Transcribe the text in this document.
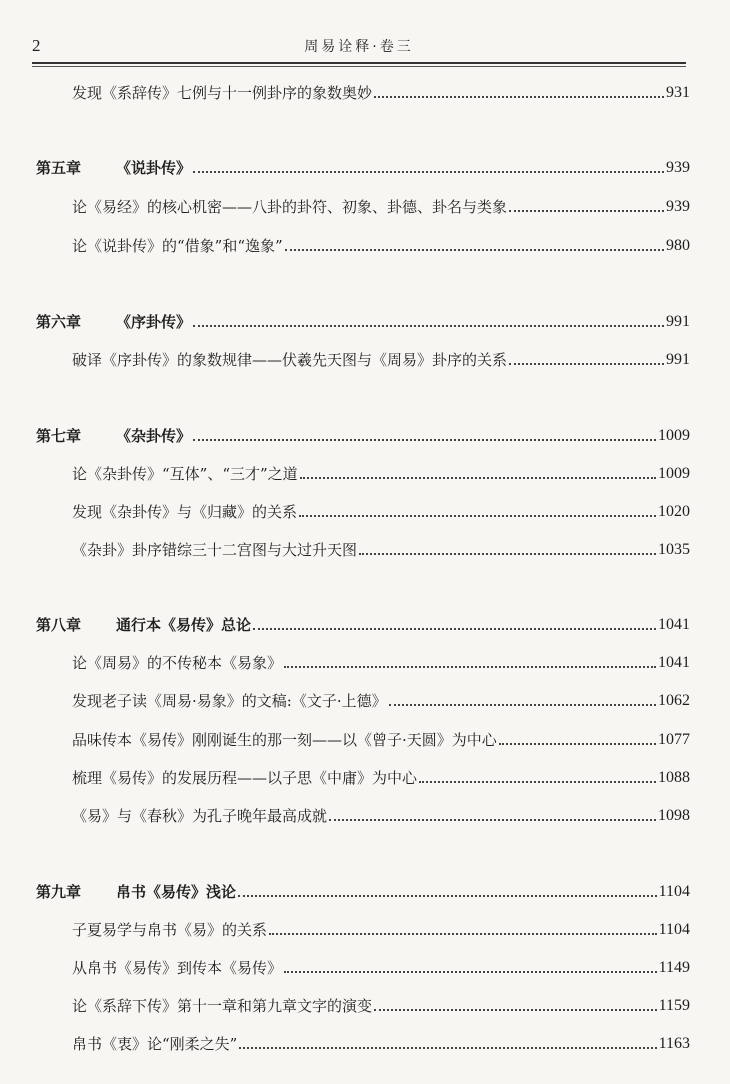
2	周易诠释·卷三
发现《系辞传》七例与十一例卦序的象数奥妙	931
第五章 《说卦传》	939
论《易经》的核心机密——八卦的卦符、初象、卦德、卦名与类象	939
论《说卦传》的“借象”和“逸象”	980
第六章 《序卦传》	991
破译《序卦传》的象数规律——伏羲先天图与《周易》卦序的关系	991
第七章 《杂卦传》	1009
论《杂卦传》“互体”、“三才”之道	1009
发现《杂卦传》与《归藏》的关系	1020
《杂卦》卦序错综三十二宫图与大过升天图	1035
第八章 通行本《易传》总论	1041
论《周易》的不传秘本《易象》	1041
发现老子读《周易·易象》的文稿:《文子·上德》	1062
品味传本《易传》刚刚诞生的那一刻——以《曾子·天圆》为中心	1077
梳理《易传》的发展历程——以子思《中庸》为中心	1088
《易》与《春秋》为孔子晚年最高成就	1098
第九章 帛书《易传》浅论	1104
子夏易学与帛书《易》的关系	1104
从帛书《易传》到传本《易传》	1149
论《系辞下传》第十一章和第九章文字的演变	1159
帛书《衷》论“刚柔之失”	1163
